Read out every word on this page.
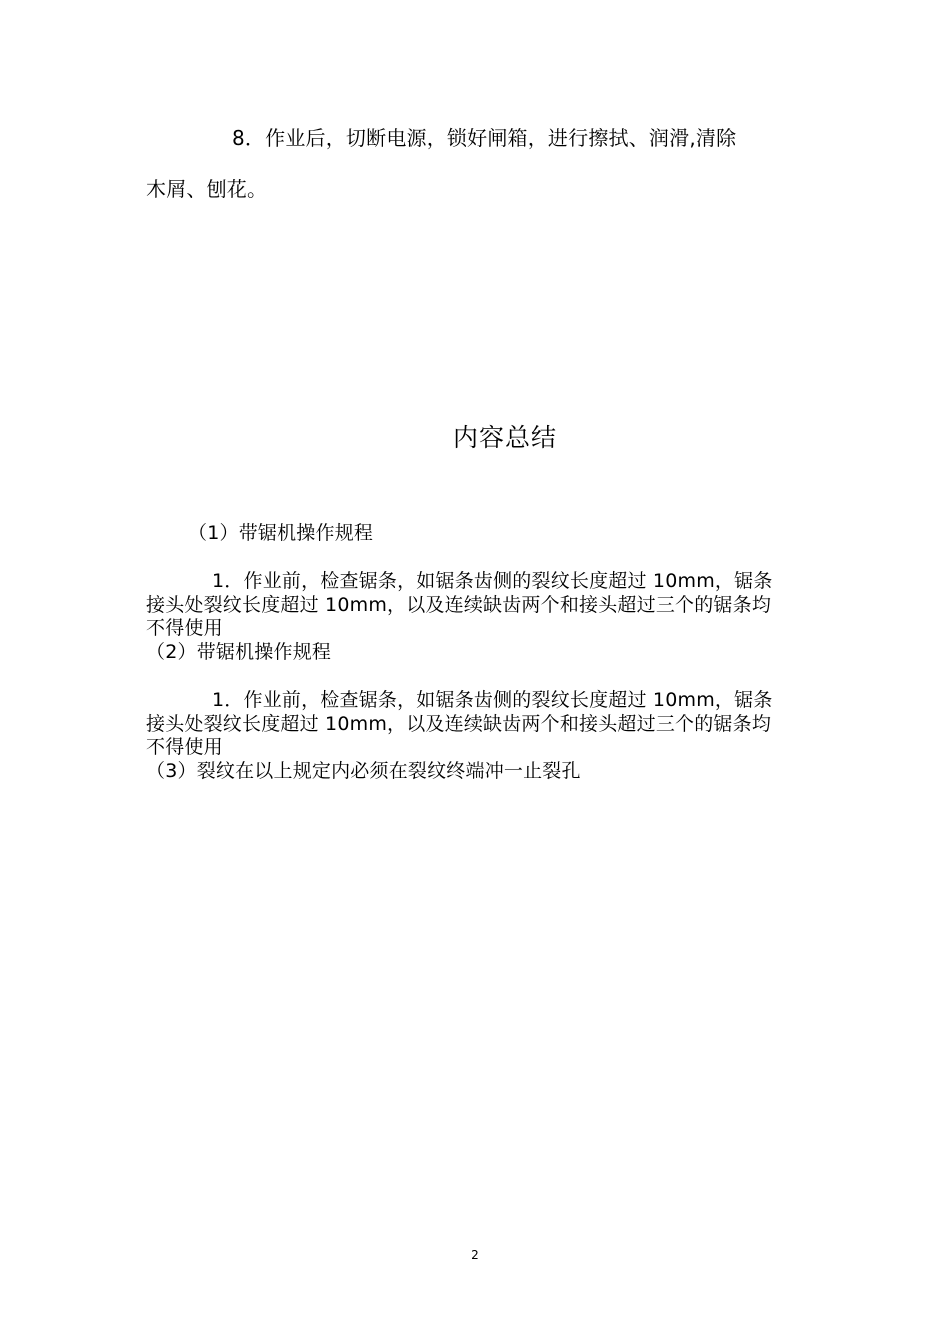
8．作业后，切断电源，锁好闸箱，进行擦拭、润滑,清除
木屑、刨花。
内容总结
（1）带锯机操作规程
1．作业前，检查锯条，如锯条齿侧的裂纹长度超过 10mm，锯条
接头处裂纹长度超过 10mm，以及连续缺齿两个和接头超过三个的锯条均
不得使用
（2）带锯机操作规程
1．作业前，检查锯条，如锯条齿侧的裂纹长度超过 10mm，锯条
接头处裂纹长度超过 10mm，以及连续缺齿两个和接头超过三个的锯条均
不得使用
（3）裂纹在以上规定内必须在裂纹终端冲一止裂孔
2
